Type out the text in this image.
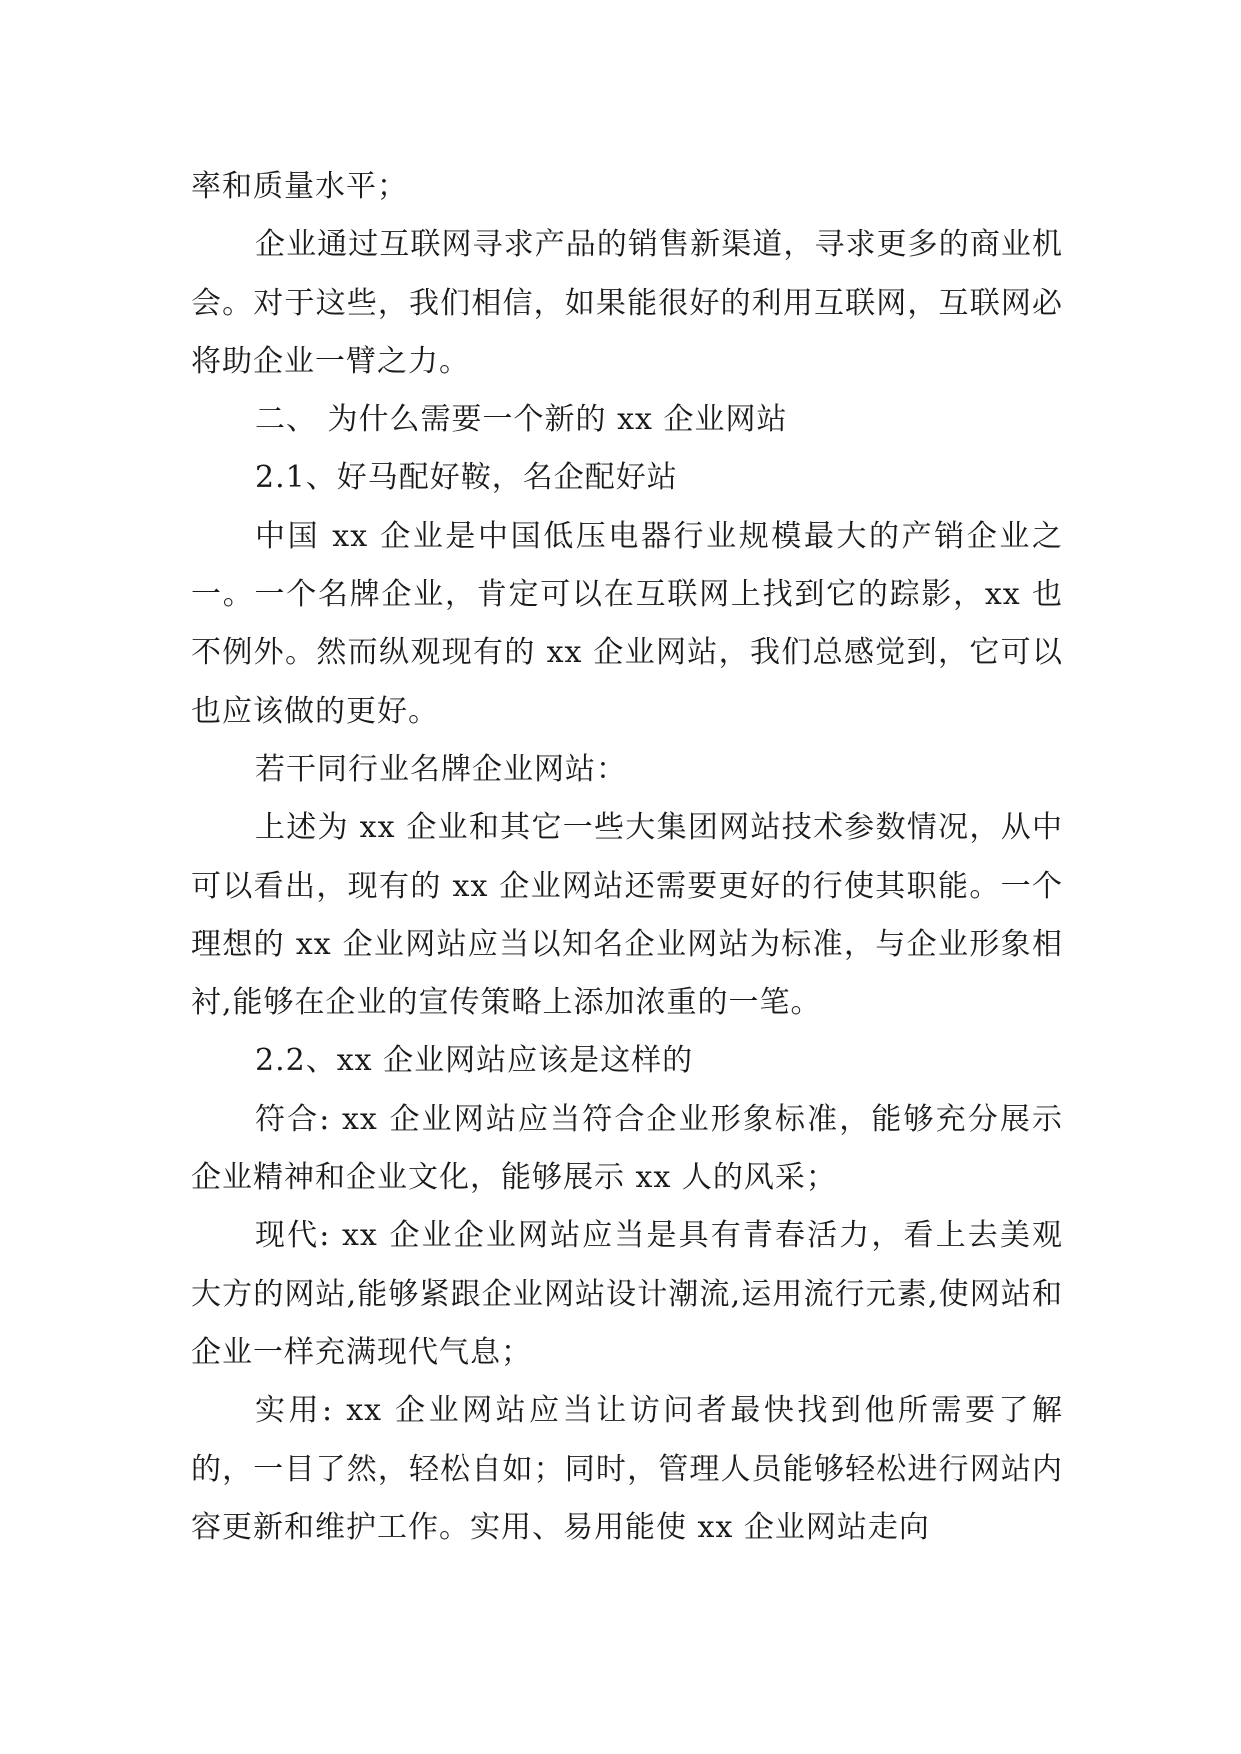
率和质量水平；

企业通过互联网寻求产品的销售新渠道，寻求更多的商业机会。对于这些，我们相信，如果能很好的利用互联网，互联网必将助企业一臂之力。

二、 为什么需要一个新的 xx 企业网站

2.1、好马配好鞍，名企配好站

中国 xx 企业是中国低压电器行业规模最大的产销企业之一。一个名牌企业，肯定可以在互联网上找到它的踪影，xx 也不例外。然而纵观现有的 xx 企业网站，我们总感觉到，它可以也应该做的更好。

若干同行业名牌企业网站：

上述为 xx 企业和其它一些大集团网站技术参数情况，从中可以看出，现有的 xx 企业网站还需要更好的行使其职能。一个理想的 xx 企业网站应当以知名企业网站为标准，与企业形象相衬,能够在企业的宣传策略上添加浓重的一笔。

2.2、xx 企业网站应该是这样的

符合: xx 企业网站应当符合企业形象标准，能够充分展示企业精神和企业文化，能够展示 xx 人的风采；

现代: xx 企业企业网站应当是具有青春活力，看上去美观大方的网站,能够紧跟企业网站设计潮流,运用流行元素,使网站和企业一样充满现代气息；

实用: xx 企业网站应当让访问者最快找到他所需要了解的，一目了然，轻松自如；同时，管理人员能够轻松进行网站内容更新和维护工作。实用、易用能使 xx 企业网站走向
